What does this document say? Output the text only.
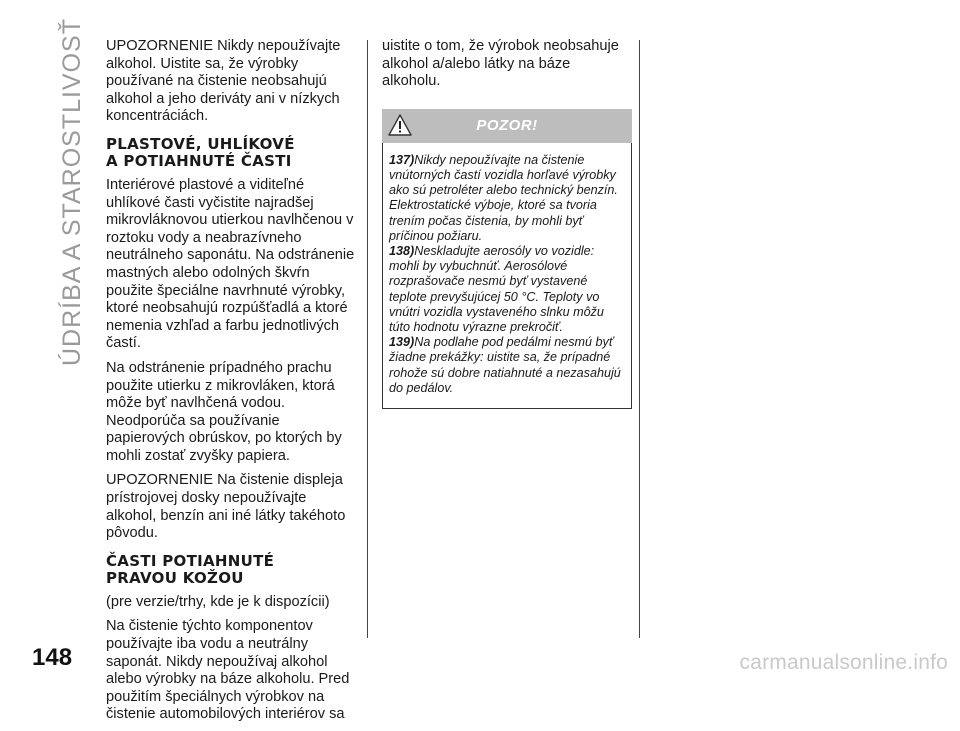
ÚDRÍBA A STAROSTLIVOSŤ UPOZORNENIE Nikdy nepoužívajte alkohol. Uistite sa, že výrobky používané na čistenie neobsahujú alkohol a jeho deriváty ani v nízkych koncentráciách.

PLASTOVÉ, UHLÍKOVÉ
A POTIAHNUTÉ ČASTI

Interiérové plastové a viditeľné uhlíkové časti vyčistite najradšej mikrovláknovou utierkou navlhčenou v roztoku vody a neabrazívneho neutrálneho saponátu. Na odstránenie mastných alebo odolných škvŕn použite špeciálne navrhnuté výrobky, ktoré neobsahujú rozpúšťadlá a ktoré nemenia vzhľad a farbu jednotlivých častí.

Na odstránenie prípadného prachu použite utierku z mikrovláken, ktorá môže byť navlhčená vodou. Neodporúča sa používanie papierových obrúskov, po ktorých by mohli zostať zvyšky papiera.

UPOZORNENIE Na čistenie displeja prístrojovej dosky nepoužívajte alkohol, benzín ani iné látky takéhoto pôvodu.

ČASTI POTIAHNUTÉ
PRAVOU KOŽOU

(pre verzie/trhy, kde je k dispozícii)

Na čistenie týchto komponentov používajte iba vodu a neutrálny saponát. Nikdy nepoužívaj alkohol alebo výrobky na báze alkoholu. Pred použitím špeciálnych výrobkov na čistenie automobilových interiérov sa

uistite o tom, že výrobok neobsahuje alkohol a/alebo látky na báze alkoholu.

POZOR!

137)Nikdy nepoužívajte na čistenie vnútorných častí vozidla horľavé výrobky ako sú petroléter alebo technický benzín. Elektrostatické výboje, ktoré sa tvoria trením počas čistenia, by mohli byť príčinou požiaru.

138)Neskladujte aerosóly vo vozidle: mohli by vybuchnúť. Aerosólové rozprašovače nesmú byť vystavené teplote prevyšujúcej 50 °C. Teploty vo vnútri vozidla vystaveného slnku môžu túto hodnotu výrazne prekročiť.

139)Na podlahe pod pedálmi nesmú byť žiadne prekážky: uistite sa, že prípadné rohože sú dobre natiahnuté a nezasahujú do pedálov.

148	carmanualsonline.info
